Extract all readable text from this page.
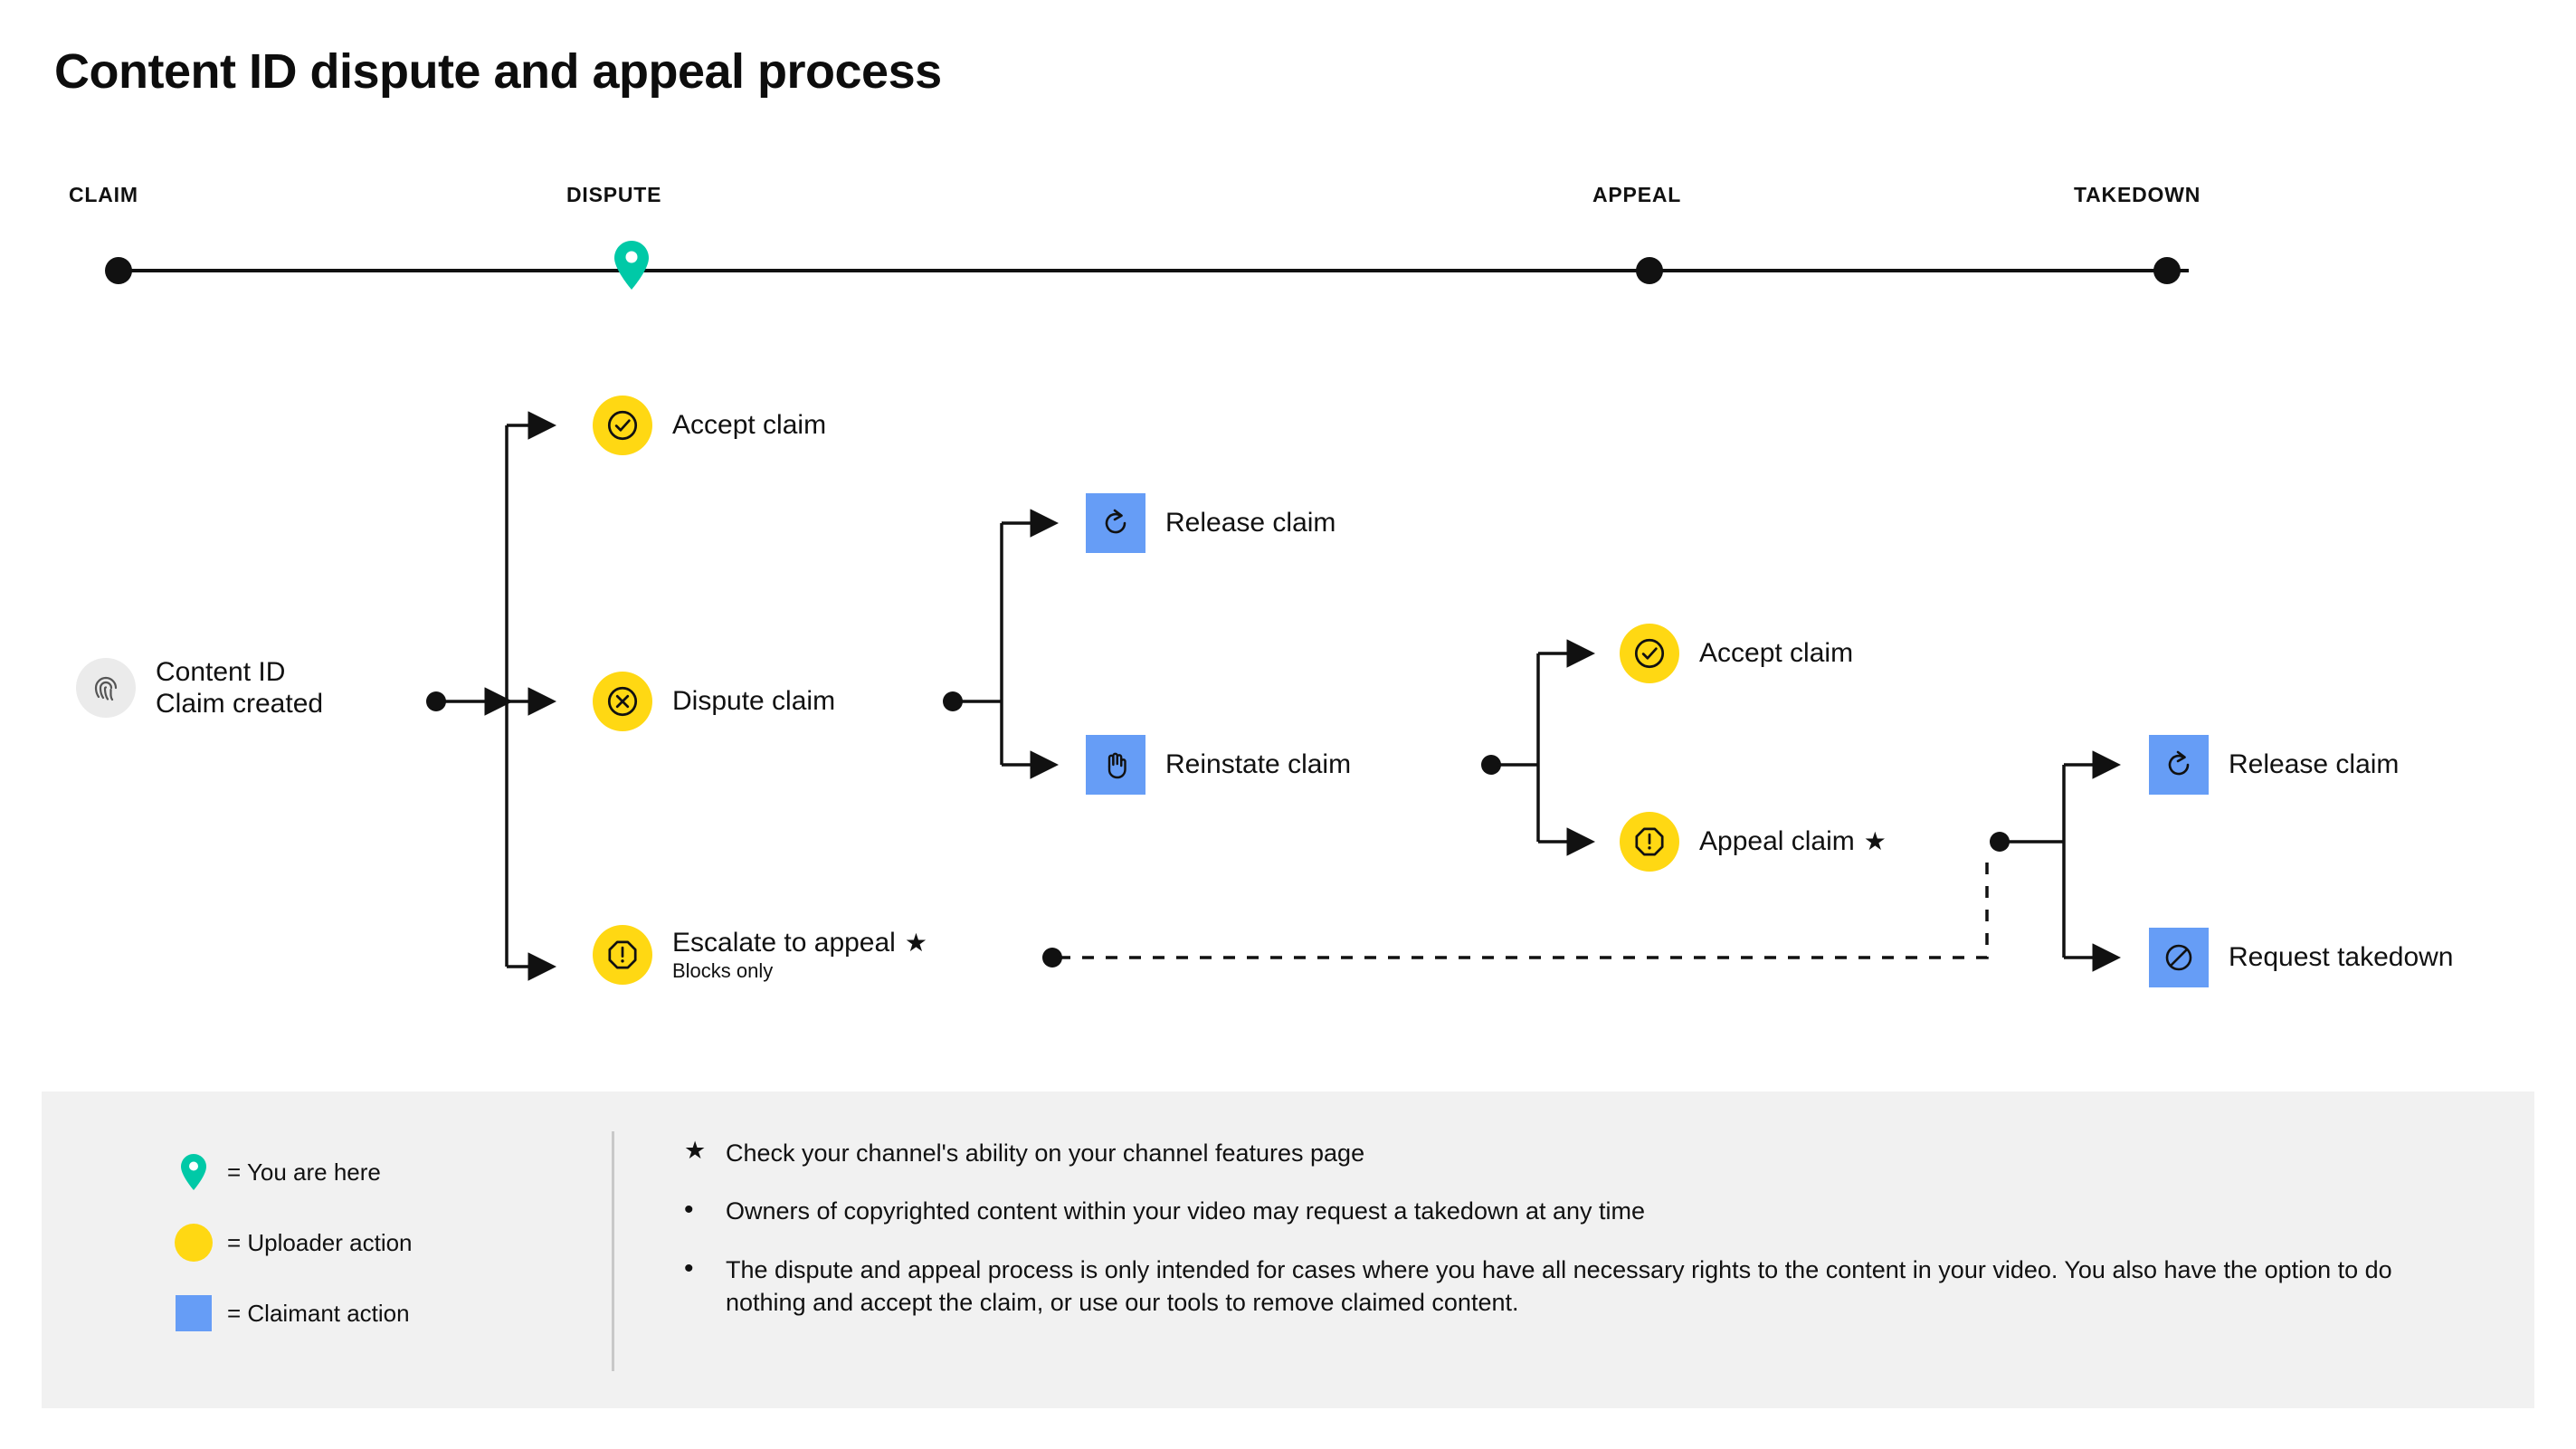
Content ID dispute and appeal process
CLAIM	DISPUTE	APPEAL	TAKEDOWN
Content ID
Claim created
Accept claim
Dispute claim
Escalate to appeal ★
Blocks only
Release claim
Reinstate claim
Accept claim
Appeal claim ★
Release claim
Request takedown
= You are here
= Uploader action
= Claimant action
★ Check your channel's ability on your channel features page
•	Owners of copyrighted content within your video may request a takedown at any time
•	The dispute and appeal process is only intended for cases where you have all necessary rights to the content in your video. You also have the option to do nothing and accept the claim, or use our tools to remove claimed content.
